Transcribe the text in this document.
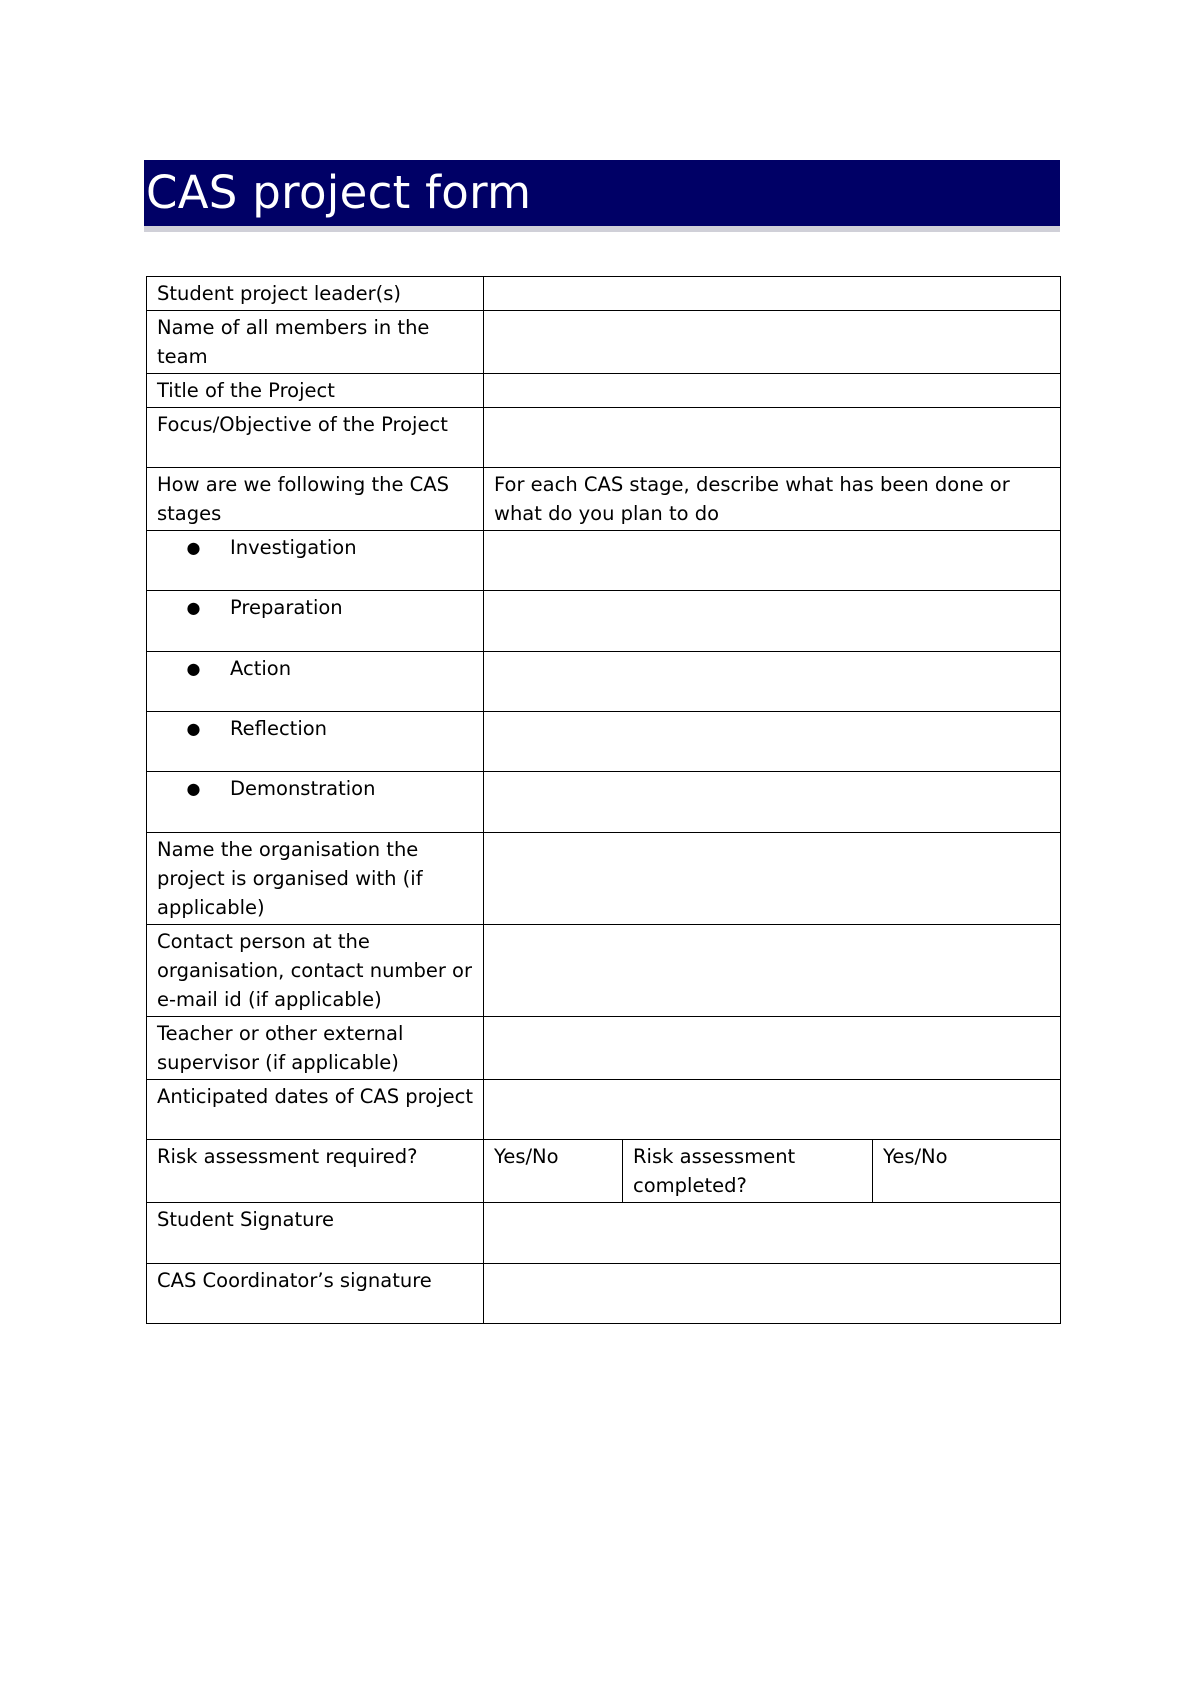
CAS project form
Student project leader(s)			
Name of all members in the team			
Title of the Project			
Focus/Objective of the Project			
How are we following the CAS stages	For each CAS stage, describe what has been done or what do you plan to do		

● Investigation			

● Preparation			

● Action			

● Reflection			

● Demonstration			

Name the organisation the project is organised with (if applicable)			
Contact person at the organisation, contact number or e-mail id (if applicable)			
Teacher or other external supervisor (if applicable)			
Anticipated dates of CAS project			
Risk assessment required?	Yes/No	Risk assessment completed?	Yes/No
Student Signature			
CAS Coordinator’s signature			
